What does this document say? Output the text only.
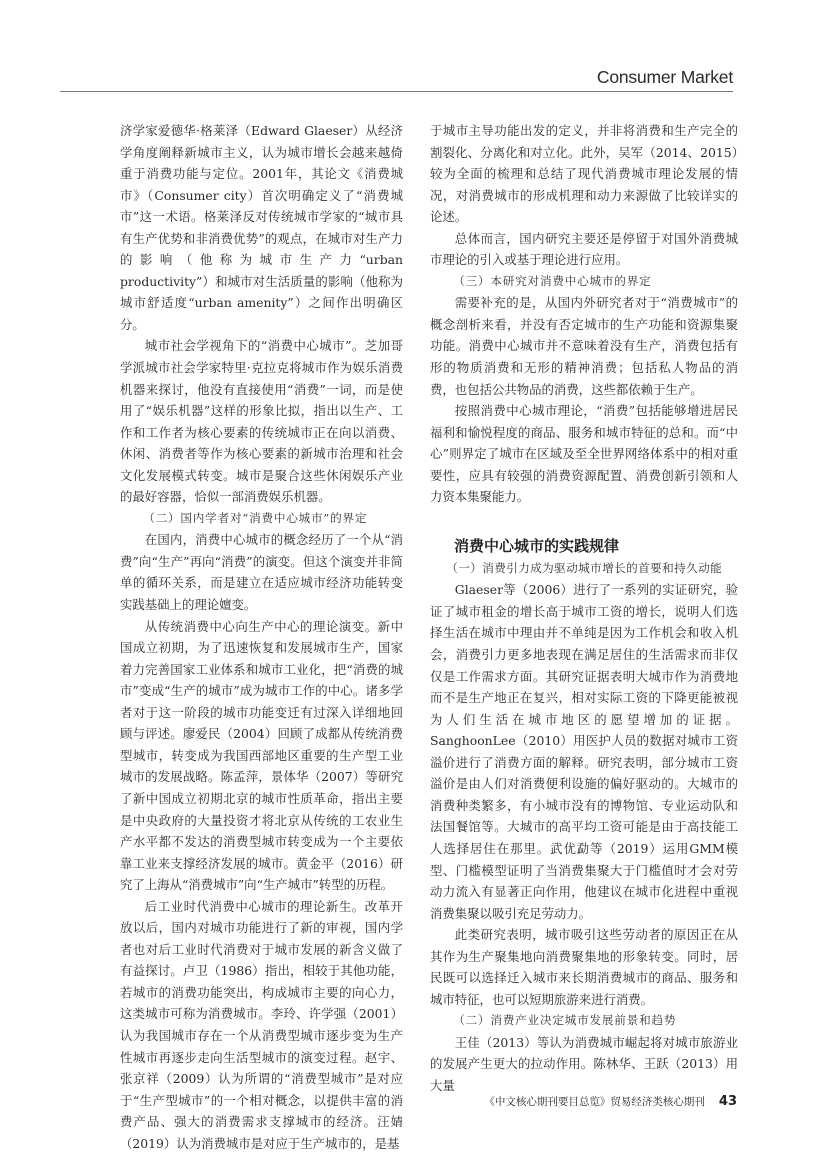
Consumer Market

济学家爱德华·格莱泽（Edward Glaeser）从经济学角度阐释新城市主义，认为城市增长会越来越倚重于消费功能与定位。2001年，其论文《消费城市》（Consumer city）首次明确定义了“消费城市”这一术语。格莱泽反对传统城市学家的“城市具有生产优势和非消费优势”的观点，在城市对生产力的影响（他称为城市生产力“urban productivity”）和城市对生活质量的影响（他称为城市舒适度“urban amenity”）之间作出明确区分。

城市社会学视角下的“消费中心城市”。芝加哥学派城市社会学家特里·克拉克将城市作为娱乐消费机器来探讨，他没有直接使用“消费”一词，而是使用了“娱乐机器”这样的形象比拟，指出以生产、工作和工作者为核心要素的传统城市正在向以消费、休闲、消费者等作为核心要素的新城市治理和社会文化发展模式转变。城市是聚合这些休闲娱乐产业的最好容器，恰似一部消费娱乐机器。

（二）国内学者对“消费中心城市”的界定

在国内，消费中心城市的概念经历了一个从“消费”向“生产”再向“消费”的演变。但这个演变并非简单的循环关系，而是建立在适应城市经济功能转变实践基础上的理论嬗变。

从传统消费中心向生产中心的理论演变。新中国成立初期，为了迅速恢复和发展城市生产，国家着力完善国家工业体系和城市工业化，把“消费的城市”变成“生产的城市”成为城市工作的中心。诸多学者对于这一阶段的城市功能变迁有过深入详细地回顾与评述。廖爱民（2004）回顾了成都从传统消费型城市，转变成为我国西部地区重要的生产型工业城市的发展战略。陈孟萍，景体华（2007）等研究了新中国成立初期北京的城市性质革命，指出主要是中央政府的大量投资才将北京从传统的工农业生产水平都不发达的消费型城市转变成为一个主要依靠工业来支撑经济发展的城市。黄金平（2016）研究了上海从“消费城市”向“生产城市”转型的历程。

后工业时代消费中心城市的理论新生。改革开放以后，国内对城市功能进行了新的审视，国内学者也对后工业时代消费对于城市发展的新含义做了有益探讨。卢卫（1986）指出，相较于其他功能，若城市的消费功能突出，构成城市主要的向心力，这类城市可称为消费城市。李玲、许学强（2001）认为我国城市存在一个从消费型城市逐步变为生产性城市再逐步走向生活型城市的演变过程。赵宇、张京祥（2009）认为所谓的“消费型城市”是对应于“生产型城市”的一个相对概念，以提供丰富的消费产品、强大的消费需求支撑城市的经济。汪婧（2019）认为消费城市是对应于生产城市的，是基

于城市主导功能出发的定义，并非将消费和生产完全的割裂化、分离化和对立化。此外，吴军（2014、2015）较为全面的梳理和总结了现代消费城市理论发展的情况，对消费城市的形成机理和动力来源做了比较详实的论述。

总体而言，国内研究主要还是停留于对国外消费城市理论的引入或基于理论进行应用。

（三）本研究对消费中心城市的界定

需要补充的是，从国内外研究者对于“消费城市”的概念剖析来看，并没有否定城市的生产功能和资源集聚功能。消费中心城市并不意味着没有生产，消费包括有形的物质消费和无形的精神消费；包括私人物品的消费，也包括公共物品的消费，这些都依赖于生产。

按照消费中心城市理论，“消费”包括能够增进居民福利和愉悦程度的商品、服务和城市特征的总和。而“中心”则界定了城市在区域及至全世界网络体系中的相对重要性，应具有较强的消费资源配置、消费创新引领和人力资本集聚能力。

消费中心城市的实践规律
（一）消费引力成为驱动城市增长的首要和持久动能

Glaeser等（2006）进行了一系列的实证研究，验证了城市租金的增长高于城市工资的增长，说明人们选择生活在城市中理由并不单纯是因为工作机会和收入机会，消费引力更多地表现在满足居住的生活需求而非仅仅是工作需求方面。其研究证据表明大城市作为消费地而不是生产地正在复兴，相对实际工资的下降更能被视为人们生活在城市地区的愿望增加的证据。SanghoonLee（2010）用医护人员的数据对城市工资溢价进行了消费方面的解释。研究表明，部分城市工资溢价是由人们对消费便利设施的偏好驱动的。大城市的消费种类繁多，有小城市没有的博物馆、专业运动队和法国餐馆等。大城市的高平均工资可能是由于高技能工人选择居住在那里。武优勐等（2019）运用GMM模型、门槛模型证明了当消费集聚大于门槛值时才会对劳动力流入有显著正向作用，他建议在城市化进程中重视消费集聚以吸引充足劳动力。

此类研究表明，城市吸引这些劳动者的原因正在从其作为生产聚集地向消费聚集地的形象转变。同时，居民既可以选择迁入城市来长期消费城市的商品、服务和城市特征，也可以短期旅游来进行消费。

（二）消费产业决定城市发展前景和趋势

王佳（2013）等认为消费城市崛起将对城市旅游业的发展产生更大的拉动作用。陈林华、王跃（2013）用大量

《中文核心期刊要目总览》贸易经济类核心期刊 43
